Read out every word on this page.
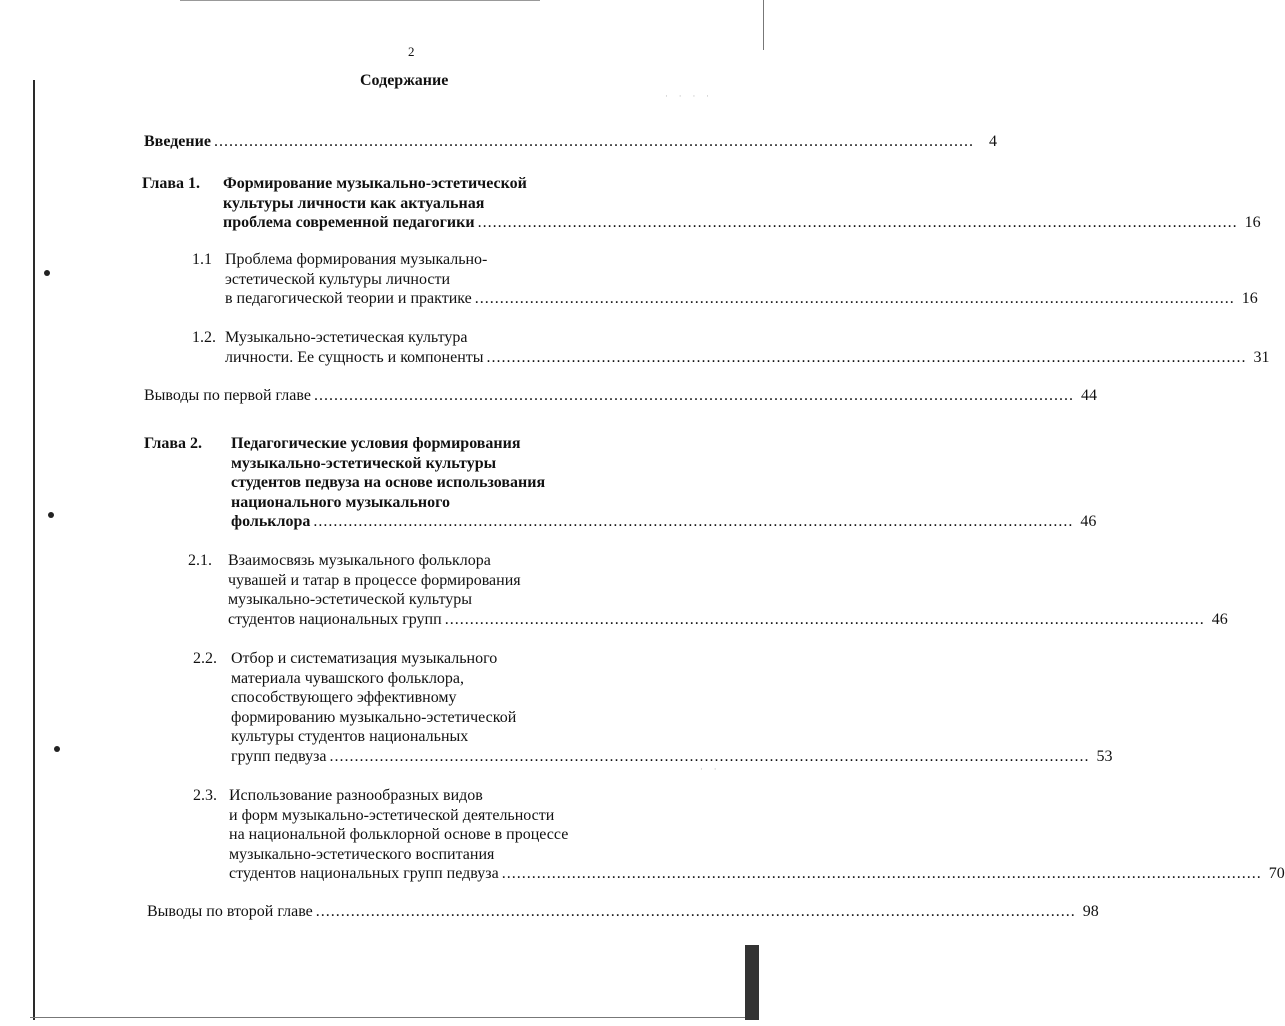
· · · ·
· ·
2
Содержание
Введение ........................................................................................................................................................ 4
Глава 1. Формирование музыкально-эстетической
культуры личности как актуальная
проблема современной педагогики ........................................................................................................................................................ 16
1.1 Проблема формирования музыкально-
эстетической культуры личности
в педагогической теории и практике ........................................................................................................................................................ 16
1.2. Музыкально-эстетическая культура
личности. Ее сущность и компоненты ........................................................................................................................................................ 31
Выводы по первой главе ........................................................................................................................................................ 44
Глава 2. Педагогические условия формирования
музыкально-эстетической культуры
студентов педвуза на основе использования
национального музыкального
фольклора ........................................................................................................................................................ 46
2.1. Взаимосвязь музыкального фольклора
чувашей и татар в процессе формирования
музыкально-эстетической культуры
студентов национальных групп ........................................................................................................................................................ 46
2.2. Отбор и систематизация музыкального
материала чувашского фольклора,
способствующего эффективному
формированию музыкально-эстетической
культуры студентов национальных
групп педвуза ........................................................................................................................................................ 53
2.3. Использование разнообразных видов
и форм музыкально-эстетической деятельности
на национальной фольклорной основе в процессе
музыкально-эстетического воспитания
студентов национальных групп педвуза ........................................................................................................................................................ 70
Выводы по второй главе ........................................................................................................................................................ 98
